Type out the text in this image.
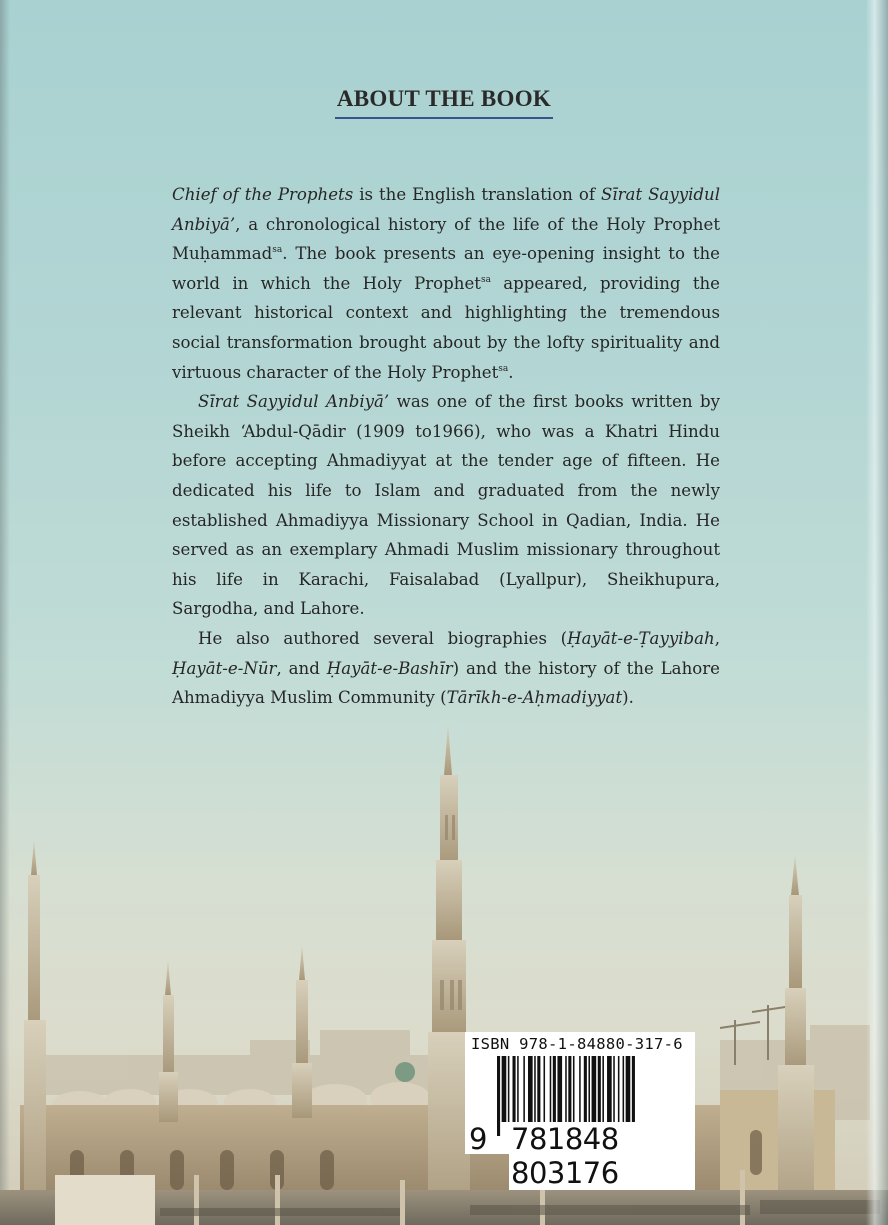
ABOUT THE BOOK

Chief of the Prophets is the English translation of Sīrat Sayyidul Anbiyā’, a chronological history of the life of the Holy Prophet Muḥammad$^{sa}$. The book presents an eye-opening insight to the world in which the Holy Prophet$^{sa}$ appeared, providing the relevant historical context and highlighting the tremendous social transformation brought about by the lofty spirituality and virtuous character of the Holy Prophet$^{sa}$.

Sīrat Sayyidul Anbiyā’ was one of the first books written by Sheikh ‘Abdul-Qādir (1909 to1966), who was a Khatri Hindu before accepting Ahmadiyyat at the tender age of fifteen. He dedicated his life to Islam and graduated from the newly established Ahmadiyya Missionary School in Qadian, India. He served as an exemplary Ahmadi Muslim missionary throughout his life in Karachi, Faisalabad (Lyallpur), Sheikhupura, Sargodha, and Lahore.

He also authored several biographies (Ḥayāt-e-Ṭayyibah, Ḥayāt-e-Nūr, and Ḥayāt-e-Bashīr) and the history of the Lahore Ahmadiyya Muslim Community (Tārīkh-e-Aḥmadiyyat).

ISBN 978-1-84880-317-6
9 781848 803176
